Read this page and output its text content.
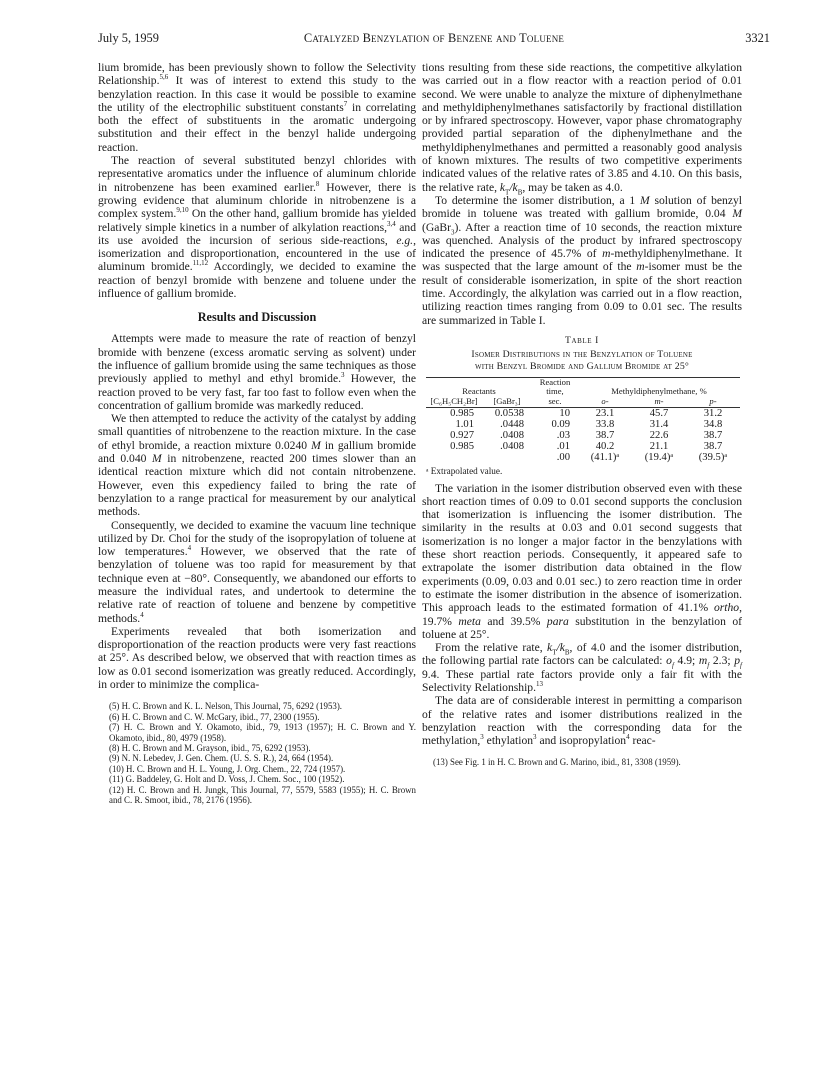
July 5, 1959	Catalyzed Benzylation of Benzene and Toluene	3321

lium bromide, has been previously shown to follow the Selectivity Relationship.$^{5,6}$ It was of interest to extend this study to the benzylation reaction. In this case it would be possible to examine the utility of the electrophilic substituent constants$^7$ in correlating both the effect of substituents in the aromatic undergoing substitution and their effect in the benzyl halide undergoing reaction.

The reaction of several substituted benzyl chlorides with representative aromatics under the influence of aluminum chloride in nitrobenzene has been examined earlier.$^8$ However, there is growing evidence that aluminum chloride in nitrobenzene is a complex system.$^{9,10}$ On the other hand, gallium bromide has yielded relatively simple kinetics in a number of alkylation reactions,$^{3,4}$ and its use avoided the incursion of serious side-reactions, e.g., isomerization and disproportionation, encountered in the use of aluminum bromide.$^{11,12}$ Accordingly, we decided to examine the reaction of benzyl bromide with benzene and toluene under the influence of gallium bromide.

Results and Discussion

Attempts were made to measure the rate of reaction of benzyl bromide with benzene (excess aromatic serving as solvent) under the influence of gallium bromide using the same techniques as those previously applied to methyl and ethyl bromide.$^3$ However, the reaction proved to be very fast, far too fast to follow even when the concentration of gallium bromide was markedly reduced.

We then attempted to reduce the activity of the catalyst by adding small quantities of nitrobenzene to the reaction mixture. In the case of ethyl bromide, a reaction mixture 0.0240 M in gallium bromide and 0.040 M in nitrobenzene, reacted 200 times slower than an identical reaction mixture which did not contain nitrobenzene. However, even this expediency failed to bring the rate of benzylation to a range practical for measurement by our analytical methods.

Consequently, we decided to examine the vacuum line technique utilized by Dr. Choi for the study of the isopropylation of toluene at low temperatures.$^4$ However, we observed that the rate of benzylation of toluene was too rapid for measurement by that technique even at −80°. Consequently, we abandoned our efforts to measure the individual rates, and undertook to determine the relative rate of reaction of toluene and benzene by competitive methods.$^4$

Experiments revealed that both isomerization and disproportionation of the reaction products were very fast reactions at 25°. As described below, we observed that with reaction times as low as 0.01 second isomerization was greatly reduced. Accordingly, in order to minimize the complica-

(5) H. C. Brown and K. L. Nelson, This Journal, 75, 6292 (1953).

(6) H. C. Brown and C. W. McGary, ibid., 77, 2300 (1955).

(7) H. C. Brown and Y. Okamoto, ibid., 79, 1913 (1957); H. C. Brown and Y. Okamoto, ibid., 80, 4979 (1958).

(8) H. C. Brown and M. Grayson, ibid., 75, 6292 (1953).

(9) N. N. Lebedev, J. Gen. Chem. (U. S. S. R.), 24, 664 (1954).

(10) H. C. Brown and H. L. Young, J. Org. Chem., 22, 724 (1957).

(11) G. Baddeley, G. Holt and D. Voss, J. Chem. Soc., 100 (1952).

(12) H. C. Brown and H. Jungk, This Journal, 77, 5579, 5583 (1955); H. C. Brown and C. R. Smoot, ibid., 78, 2176 (1956).

tions resulting from these side reactions, the competitive alkylation was carried out in a flow reactor with a reaction period of 0.01 second. We were unable to analyze the mixture of diphenylmethane and methyldiphenylmethanes satisfactorily by fractional distillation or by infrared spectroscopy. However, vapor phase chromatography provided partial separation of the diphenylmethane and the methyldiphenylmethanes and permitted a reasonably good analysis of known mixtures. The results of two competitive experiments indicated values of the relative rates of 3.85 and 4.10. On this basis, the relative rate, $k_T/k_B$, may be taken as 4.0.

To determine the isomer distribution, a 1 M solution of benzyl bromide in toluene was treated with gallium bromide, 0.04 M (GaBr$_3$). After a reaction time of 10 seconds, the reaction mixture was quenched. Analysis of the product by infrared spectroscopy indicated the presence of 45.7% of m-methyldiphenylmethane. It was suspected that the large amount of the m-isomer must be the result of considerable isomerization, in spite of the short reaction time. Accordingly, the alkylation was carried out in a flow reaction, utilizing reaction times ranging from 0.09 to 0.01 sec. The results are summarized in Table I.

Table I
Isomer Distributions in the Benzylation of Toluene
with Benzyl Bromide and Gallium Bromide at 25°
		Reaction			
Reactants		time,	Methyldiphenylmethane, %		
[C₆H₅CH₂Br]	[GaBr₃]	sec.	o-	m-	p-
0.985	0.0538	10	23.1	45.7	31.2
1.01	.0448	0.09	33.8	31.4	34.8
0.927	.0408	.03	38.7	22.6	38.7
0.985	.0408	.01	40.2	21.1	38.7
		.00	(41.1)ᵃ	(19.4)ᵃ	(39.5)ᵃ
ᵃ Extrapolated value.

The variation in the isomer distribution observed even with these short reaction times of 0.09 to 0.01 second supports the conclusion that isomerization is influencing the isomer distribution. The similarity in the results at 0.03 and 0.01 second suggests that isomerization is no longer a major factor in the benzylations with these short reaction periods. Consequently, it appeared safe to extrapolate the isomer distribution data obtained in the flow experiments (0.09, 0.03 and 0.01 sec.) to zero reaction time in order to estimate the isomer distribution in the absence of isomerization. This approach leads to the estimated formation of 41.1% ortho, 19.7% meta and 39.5% para substitution in the benzylation of toluene at 25°.

From the relative rate, $k_T/k_B$, of 4.0 and the isomer distribution, the following partial rate factors can be calculated: $o_f$ 4.9; $m_f$ 2.3; $p_f$ 9.4. These partial rate factors provide only a fair fit with the Selectivity Relationship.$^{13}$

The data are of considerable interest in permitting a comparison of the relative rates and isomer distributions realized in the benzylation reaction with the corresponding data for the methylation,$^3$ ethylation$^3$ and isopropylation$^4$ reac-

(13) See Fig. 1 in H. C. Brown and G. Marino, ibid., 81, 3308 (1959).
